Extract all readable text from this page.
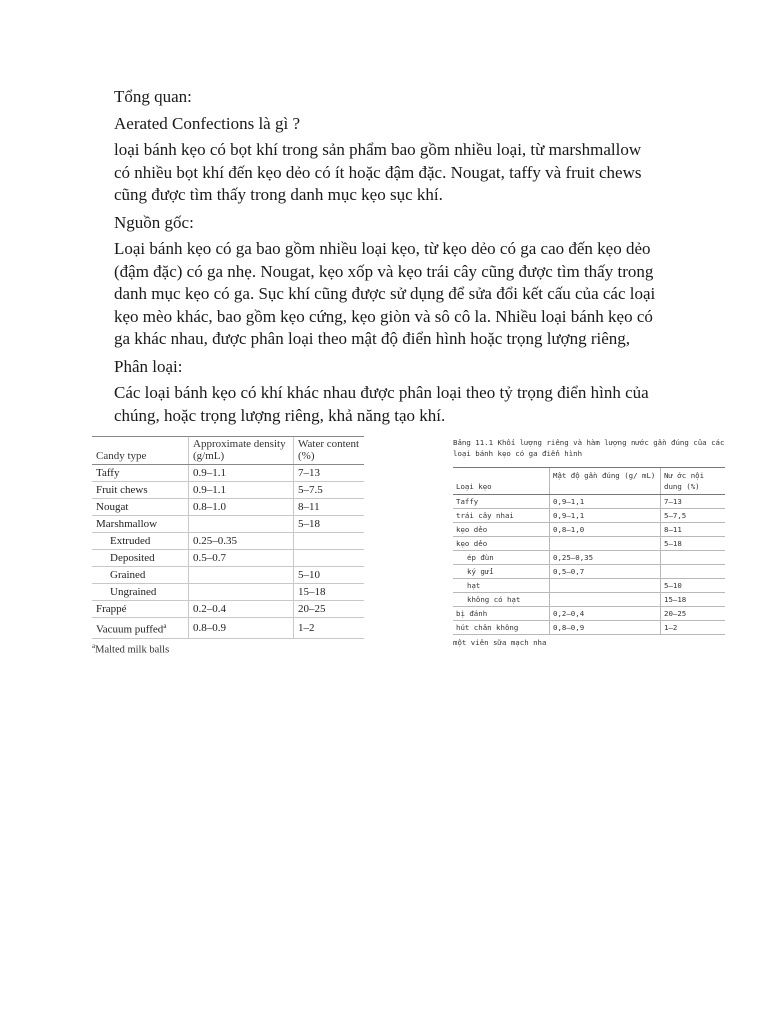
Tổng quan:

Aerated Confections là gì ?

loại bánh kẹo có bọt khí trong sản phẩm bao gồm nhiều loại, từ marshmallow

có nhiều bọt khí đến kẹo dẻo có ít hoặc đậm đặc. Nougat, taffy và fruit chews

cũng được tìm thấy trong danh mục kẹo sục khí.

Nguồn gốc:

Loại bánh kẹo có ga bao gồm nhiều loại kẹo, từ kẹo dẻo có ga cao đến kẹo dẻo

(đậm đặc) có ga nhẹ. Nougat, kẹo xốp và kẹo trái cây cũng được tìm thấy trong

danh mục kẹo có ga. Sục khí cũng được sử dụng để sửa đổi kết cấu của các loại

kẹo mèo khác, bao gồm kẹo cứng, kẹo giòn và sô cô la. Nhiều loại bánh kẹo có

ga khác nhau, được phân loại theo mật độ điển hình hoặc trọng lượng riêng,

Phân loại:

Các loại bánh kẹo có khí khác nhau được phân loại theo tỷ trọng điển hình của

chúng, hoặc trọng lượng riêng, khả năng tạo khí.

Candy type	Approximate density (g/mL)	Water content (%)
Taffy	0.9–1.1	7–13
Fruit chews	0.9–1.1	5–7.5
Nougat	0.8–1.0	8–11
Marshmallow		5–18
Extruded	0.25–0.35	
Deposited	0.5–0.7	
Grained		5–10
Ungrained		15–18
Frappé	0.2–0.4	20–25
Vacuum puffed$^a$	0.8–0.9	1–2
$^a$Malted milk balls
Bảng 11.1 Khối lượng riêng và hàm lượng nước gần đúng của các
loại bánh kẹo có ga điển hình
Loại kẹo	Mật độ gần đúng (g/ mL)	Nư ớc nội dung (%)
Taffy	0,9–1,1	7–13
trái cây nhai	0,9–1,1	5–7,5
kẹo dẻo	0,8–1,0	8–11
kẹo dẻo		5–18
ép đùn	0,25–0,35	
ký gửi	0,5–0,7	
hạt		5–10
không có hạt		15–18
bị đánh	0,2–0,4	20–25
hút chân không	0,8–0,9	1–2
một viên sữa mạch nha
